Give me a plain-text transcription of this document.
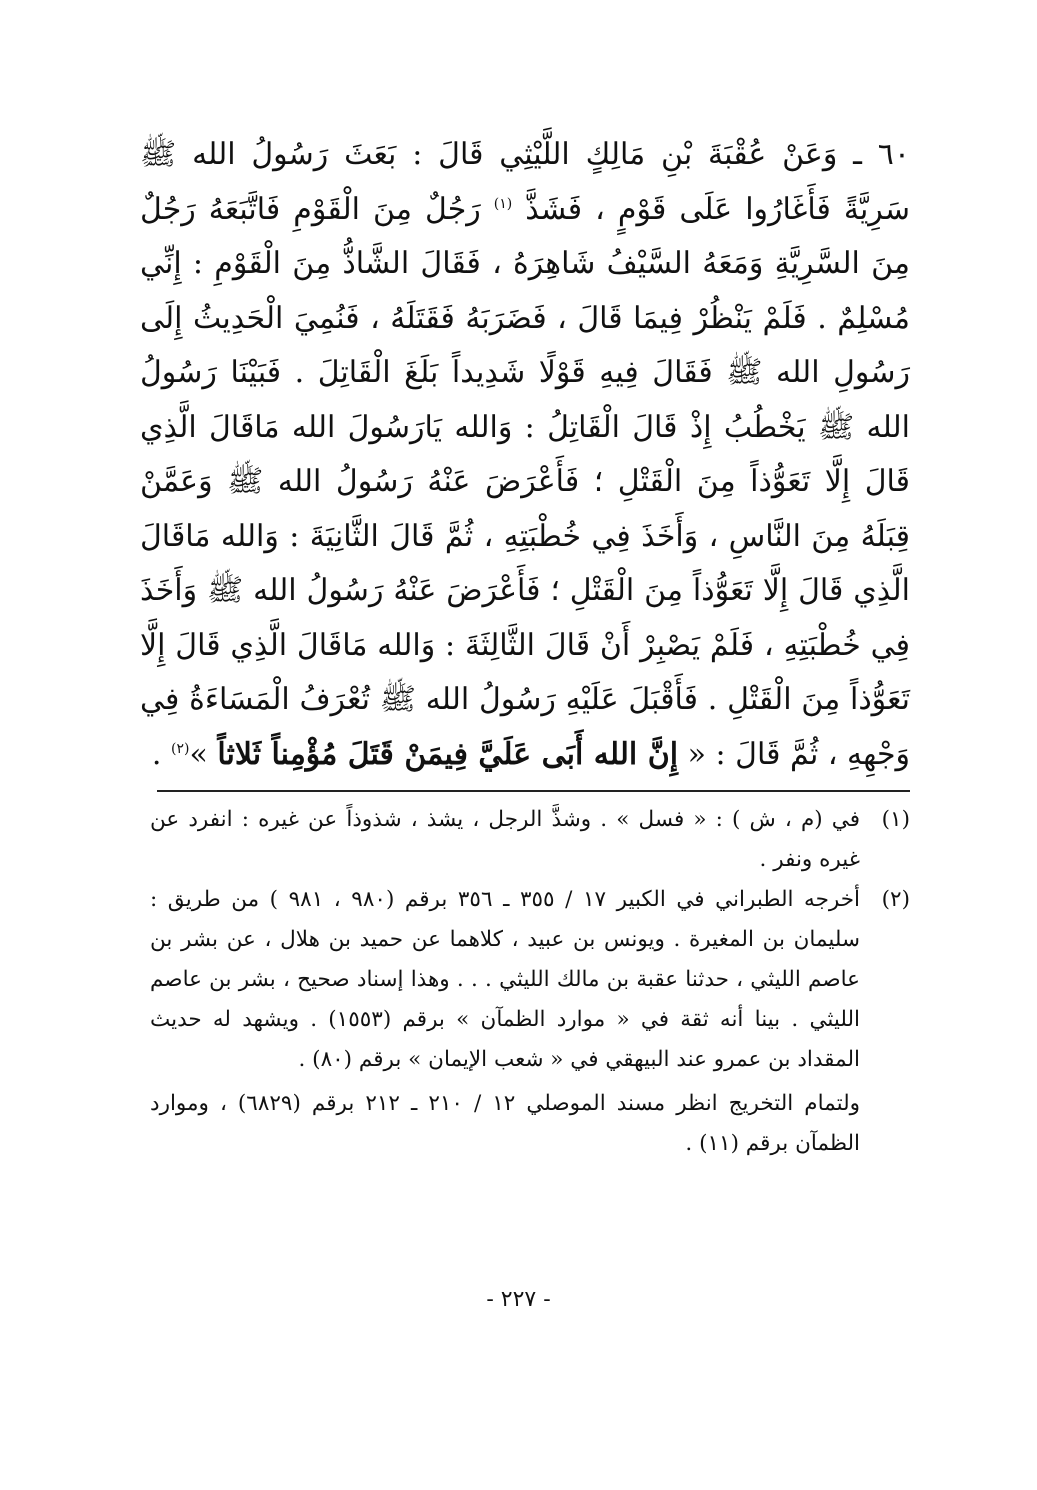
٦٠ ـ وَعَنْ عُقْبَةَ بْنِ مَالِكٍ اللَّيْثِي قَالَ : بَعَثَ رَسُولُ الله ﷺ سَرِيَّةً فَأَغَارُوا عَلَى قَوْمٍ ، فَشَذَّ $^{(١)}$ رَجُلٌ مِنَ الْقَوْمِ فَاتَّبَعَهُ رَجُلٌ مِنَ السَّرِيَّةِ وَمَعَهُ السَّيْفُ شَاهِرَهُ ، فَقَالَ الشَّاذُّ مِنَ الْقَوْمِ : إِنِّي مُسْلِمٌ . فَلَمْ يَنْظُرْ فِيمَا قَالَ ، فَضَرَبَهُ فَقَتَلَهُ ، فَنُمِيَ الْحَدِيثُ إِلَى رَسُولِ الله ﷺ فَقَالَ فِيهِ قَوْلًا شَدِيداً بَلَغَ الْقَاتِلَ . فَبَيْنَا رَسُولُ الله ﷺ يَخْطُبُ إِذْ قَالَ الْقَاتِلُ : وَالله يَارَسُولَ الله مَاقَالَ الَّذِي قَالَ إِلَّا تَعَوُّذاً مِنَ الْقَتْلِ ؛ فَأَعْرَضَ عَنْهُ رَسُولُ الله ﷺ وَعَمَّنْ قِبَلَهُ مِنَ النَّاسِ ، وَأَخَذَ فِي خُطْبَتِهِ ، ثُمَّ قَالَ الثَّانِيَةَ : وَالله مَاقَالَ الَّذِي قَالَ إِلَّا تَعَوُّذاً مِنَ الْقَتْلِ ؛ فَأَعْرَضَ عَنْهُ رَسُولُ الله ﷺ وَأَخَذَ فِي خُطْبَتِهِ ، فَلَمْ يَصْبِرْ أَنْ قَالَ الثَّالِثَةَ : وَالله مَاقَالَ الَّذِي قَالَ إِلَّا تَعَوُّذاً مِنَ الْقَتْلِ . فَأَقْبَلَ عَلَيْهِ رَسُولُ الله ﷺ تُعْرَفُ الْمَسَاءَةُ فِي وَجْهِهِ ، ثُمَّ قَالَ : « إِنَّ الله أَبَى عَلَيَّ فِيمَنْ قَتَلَ مُؤْمِناً ثَلاثاً »$^{(٢)}$ .

(١)
في (م ، ش ) : « فسل » . وشذَّ الرجل ، يشذ ، شذوذاً عن غيره : انفرد عن غيره ونفر .
(٢)
أخرجه الطبراني في الكبير ١٧ / ٣٥٥ ـ ٣٥٦ برقم (٩٨٠ ، ٩٨١ ) من طريق : سليمان بن المغيرة . ويونس بن عبيد ، كلاهما عن حميد بن هلال ، عن بشر بن عاصم الليثي ، حدثنا عقبة بن مالك الليثي . . . وهذا إسناد صحيح ، بشر بن عاصم الليثي . بينا أنه ثقة في « موارد الظمآن » برقم (١٥٥٣) . ويشهد له حديث المقداد بن عمرو عند البيهقي في « شعب الإيمان » برقم (٨٠) .
ولتمام التخريج انظر مسند الموصلي ١٢ / ٢١٠ ـ ٢١٢ برقم (٦٨٢٩) ، وموارد الظمآن برقم (١١) .
- ٢٢٧ -
